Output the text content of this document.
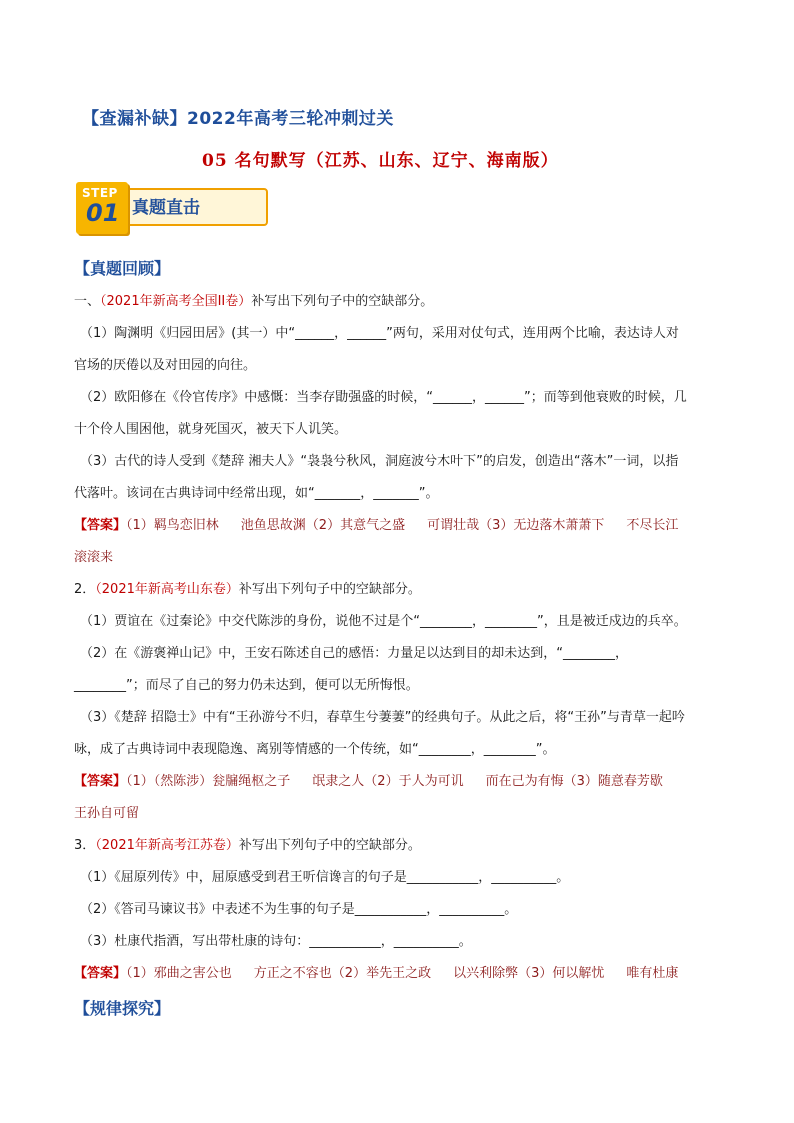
【查漏补缺】2022年高考三轮冲刺过关
05 名句默写（江苏、山东、辽宁、海南版）
真题直击
STEP
01
【真题回顾】
一、（2021年新高考全国II卷）补写出下列句子中的空缺部分。
（1）陶渊明《归园田居》(其一）中“______，______”两句，采用对仗句式，连用两个比喻，表达诗人对
官场的厌倦以及对田园的向往。
（2）欧阳修在《伶官传序》中感慨：当李存勖强盛的时候，“______，______”；而等到他衰败的时候，几
十个伶人围困他，就身死国灭，被天下人讥笑。
（3）古代的诗人受到《楚辞 湘夫人》“袅袅兮秋风，洞庭波兮木叶下”的启发，创造出“落木”一词，以指
代落叶。该词在古典诗词中经常出现，如“_______，_______”。
【答案】（1）羁鸟恋旧林 池鱼思故渊（2）其意气之盛 可谓壮哉（3）无边落木萧萧下 不尽长江
滚滚来
2．（2021年新高考山东卷）补写出下列句子中的空缺部分。
（1）贾谊在《过秦论》中交代陈涉的身份，说他不过是个“________，________”，且是被迁戍边的兵卒。
（2）在《游褒禅山记》中，王安石陈述自己的感悟：力量足以达到目的却未达到，“________，
________”；而尽了自己的努力仍未达到，便可以无所悔恨。
（3）《楚辞 招隐士》中有“王孙游兮不归，春草生兮萋萋”的经典句子。从此之后，将“王孙”与青草一起吟
咏，成了古典诗词中表现隐逸、离别等情感的一个传统，如“________，________”。
【答案】（1）（然陈涉）瓮牖绳枢之子 氓隶之人（2）于人为可讥 而在己为有悔（3）随意春芳歇
王孙自可留
3．（2021年新高考江苏卷）补写出下列句子中的空缺部分。
（1）《屈原列传》中，屈原感受到君王听信谗言的句子是___________，__________。
（2）《答司马谏议书》中表述不为生事的句子是___________，__________。
（3）杜康代指酒，写出带杜康的诗句：___________，__________。
【答案】（1）邪曲之害公也 方正之不容也（2）举先王之政 以兴利除弊（3）何以解忧 唯有杜康
【规律探究】
